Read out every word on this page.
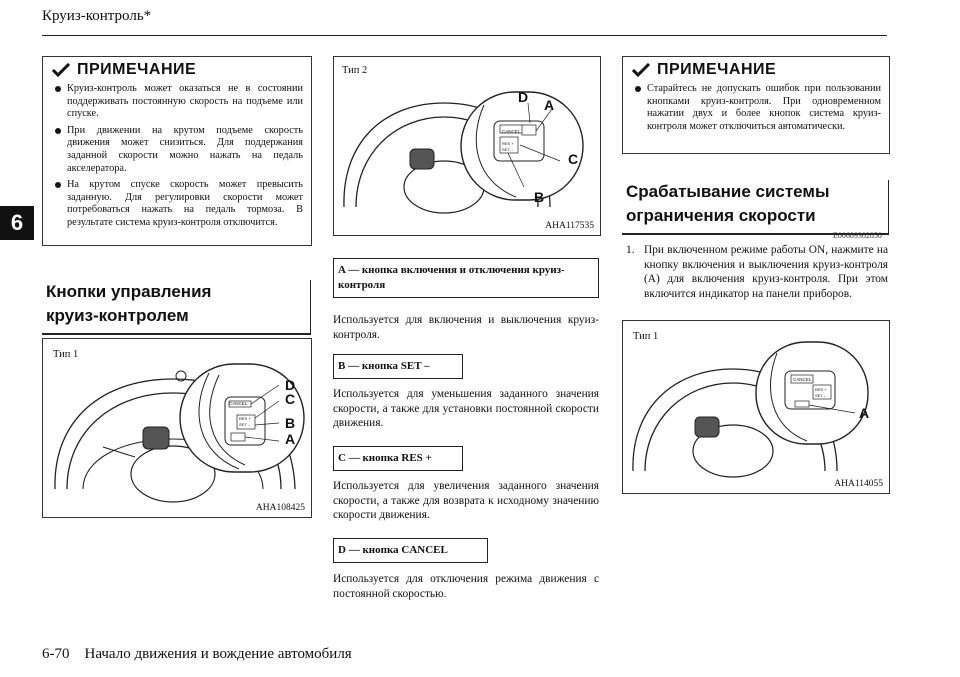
Круиз-контроль*
6
ПРИМЕЧАНИЕ
Круиз-контроль может оказаться не в состоянии поддерживать постоянную скорость на подъеме или спуске.
При движении на крутом подъеме скорость движения может снизиться. Для поддержания заданной скорости можно нажать на педаль акселератора.
На крутом спуске скорость может превысить заданную. Для регулировки скорости может потребоваться нажать на педаль тормоза. В результате система круиз-контроля отключится.
Кнопки управления
круиз-контролем
Тип 1
D
C
B
A
CANCEL
RES +
SET –
AHA108425
Тип 2
D A
C
B
CANCEL
RES +
SET –
AHA117535
A — кнопка включения и отключения круиз-контроля
Используется для включения и выключения круиз-контроля.
B — кнопка SET –
Используется для уменьшения заданного значения скорости, а также для установки постоянной скорости движения.
C — кнопка RES +
Используется для увеличения заданного значения скорости, а также для возврата к исходному значению скорости движения.
D — кнопка CANCEL
Используется для отключения режима движения с постоянной скоростью.
ПРИМЕЧАНИЕ
Старайтесь не допускать ошибок при пользовании кнопками круиз-контроля. При одновременном нажатии двух и более кнопок система круиз-контроля может отключиться автоматически.
Срабатывание системы
ограничения скорости
E00609302850
1. При включенном режиме работы ON, нажмите на кнопку включения и выключения круиз-контроля (A) для включения круиз-контроля. При этом включится индикатор на панели приборов.
Тип 1
A
CANCEL
RES +
SET –
AHA114055
6-70 Начало движения и вождение автомобиля
